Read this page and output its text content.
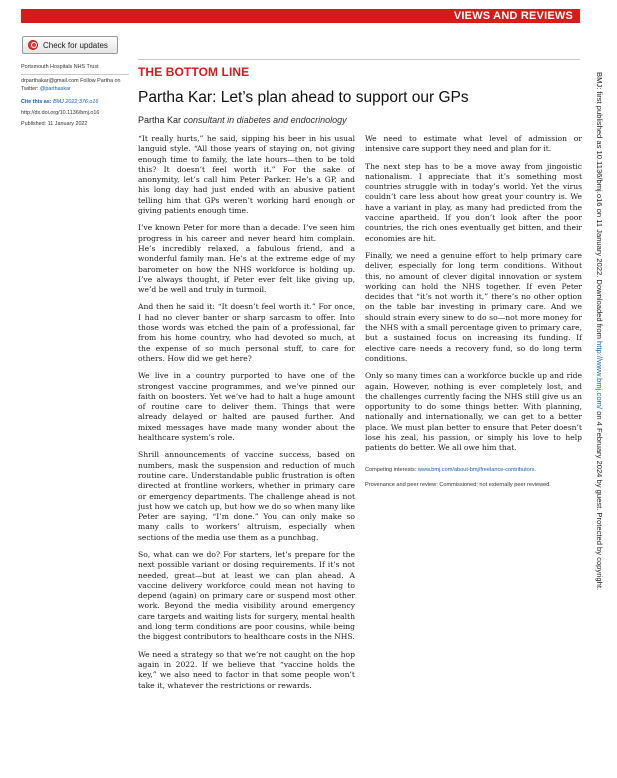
VIEWS AND REVIEWS
Check for updates
Portsmouth Hospitals NHS Trust
drparthakar@gmail.com Follow Partha on Twitter: @parthaskar
Cite this as: BMJ 2022;376:o16
http://dx.doi.org/10.1136/bmj.o16
Published: 11 January 2022
THE BOTTOM LINE
Partha Kar: Let’s plan ahead to support our GPs
Partha Kar consultant in diabetes and endocrinology

“It really hurts,” he said, sipping his beer in his usual languid style. “All those years of staying on, not giving enough time to family, the late hours—then to be told this? It doesn’t feel worth it.” For the sake of anonymity, let’s call him Peter Parker. He’s a GP, and his long day had just ended with an abusive patient telling him that GPs weren’t working hard enough or giving patients enough time.

I’ve known Peter for more than a decade. I’ve seen him progress in his career and never heard him complain. He’s incredibly relaxed, a fabulous friend, and a wonderful family man. He’s at the extreme edge of my barometer on how the NHS workforce is holding up. I’ve always thought, if Peter ever felt like giving up, we’d be well and truly in turmoil.

And then he said it: “It doesn’t feel worth it.” For once, I had no clever banter or sharp sarcasm to offer. Into those words was etched the pain of a professional, far from his home country, who had devoted so much, at the expense of so much personal stuff, to care for others. How did we get here?

We live in a country purported to have one of the strongest vaccine programmes, and we’ve pinned our faith on boosters. Yet we’ve had to halt a huge amount of routine care to deliver them. Things that were already delayed or halted are paused further. And mixed messages have made many wonder about the healthcare system’s role.

Shrill announcements of vaccine success, based on numbers, mask the suspension and reduction of much routine care. Understandable public frustration is often directed at frontline workers, whether in primary care or emergency departments. The challenge ahead is not just how we catch up, but how we do so when many like Peter are saying, “I’m done.” You can only make so many calls to workers’ altruism, especially when sections of the media use them as a punchbag.

So, what can we do? For starters, let’s prepare for the next possible variant or dosing requirements. If it’s not needed, great—but at least we can plan ahead. A vaccine delivery workforce could mean not having to depend (again) on primary care or suspend most other work. Beyond the media visibility around emergency care targets and waiting lists for surgery, mental health and long term conditions are poor cousins, while being the biggest contributors to healthcare costs in the NHS.

We need a strategy so that we’re not caught on the hop again in 2022. If we believe that “vaccine holds the key,” we also need to factor in that some people won’t take it, whatever the restrictions or rewards.

We need to estimate what level of admission or intensive care support they need and plan for it.

The next step has to be a move away from jingoistic nationalism. I appreciate that it’s something most countries struggle with in today’s world. Yet the virus couldn’t care less about how great your country is. We have a variant in play, as many had predicted from the vaccine apartheid. If you don’t look after the poor countries, the rich ones eventually get bitten, and their economies are hit.

Finally, we need a genuine effort to help primary care deliver, especially for long term conditions. Without this, no amount of clever digital innovation or system working can hold the NHS together. If even Peter decides that “it’s not worth it,” there’s no other option on the table bar investing in primary care. And we should strain every sinew to do so—not more money for the NHS with a small percentage given to primary care, but a sustained focus on increasing its funding. If elective care needs a recovery fund, so do long term conditions.

Only so many times can a workforce buckle up and ride again. However, nothing is ever completely lost, and the challenges currently facing the NHS still give us an opportunity to do some things better. With planning, nationally and internationally, we can get to a better place. We must plan better to ensure that Peter doesn’t lose his zeal, his passion, or simply his love to help patients do better. We all owe him that.

Competing interests: www.bmj.com/about-bmj/freelance-contributors.

Provenance and peer review: Commissioned; not externally peer reviewed.

BMJ: first published as 10.1136/bmj.o16 on 11 January 2022. Downloaded from http://www.bmj.com/ on 4 February 2024 by guest. Protected by copyright.
